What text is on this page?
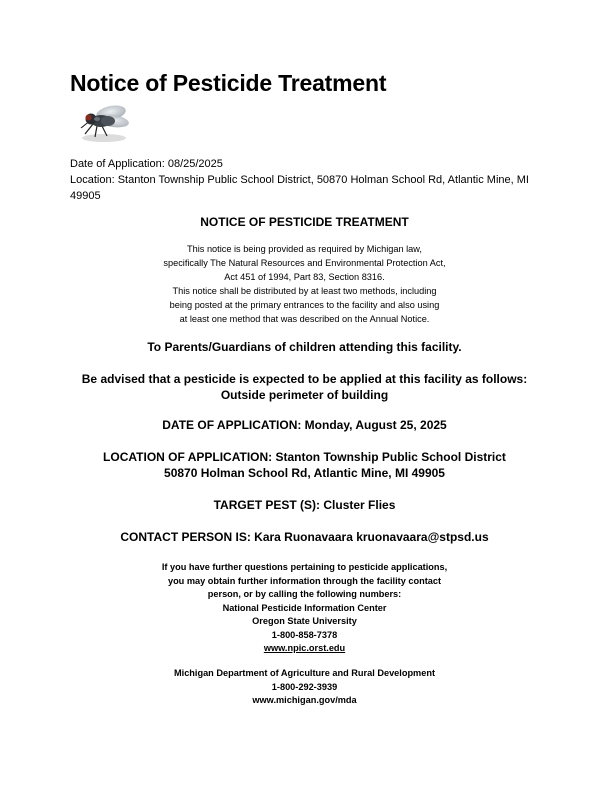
Notice of Pesticide Treatment
Date of Application: 08/25/2025
Location: Stanton Township Public School District, 50870 Holman School Rd, Atlantic Mine, MI 49905
NOTICE OF PESTICIDE TREATMENT
This notice is being provided as required by Michigan law,
specifically The Natural Resources and Environmental Protection Act,
Act 451 of 1994, Part 83, Section 8316.
This notice shall be distributed by at least two methods, including
being posted at the primary entrances to the facility and also using
at least one method that was described on the Annual Notice.
To Parents/Guardians of children attending this facility.
Be advised that a pesticide is expected to be applied at this facility as follows:
Outside perimeter of building
DATE OF APPLICATION: Monday, August 25, 2025
LOCATION OF APPLICATION: Stanton Township Public School District
50870 Holman School Rd, Atlantic Mine, MI 49905
TARGET PEST (S): Cluster Flies
CONTACT PERSON IS: Kara Ruonavaara kruonavaara@stpsd.us
If you have further questions pertaining to pesticide applications,
you may obtain further information through the facility contact
person, or by calling the following numbers:
National Pesticide Information Center
Oregon State University
1-800-858-7378
www.npic.orst.edu
Michigan Department of Agriculture and Rural Development
1-800-292-3939
www.michigan.gov/mda
